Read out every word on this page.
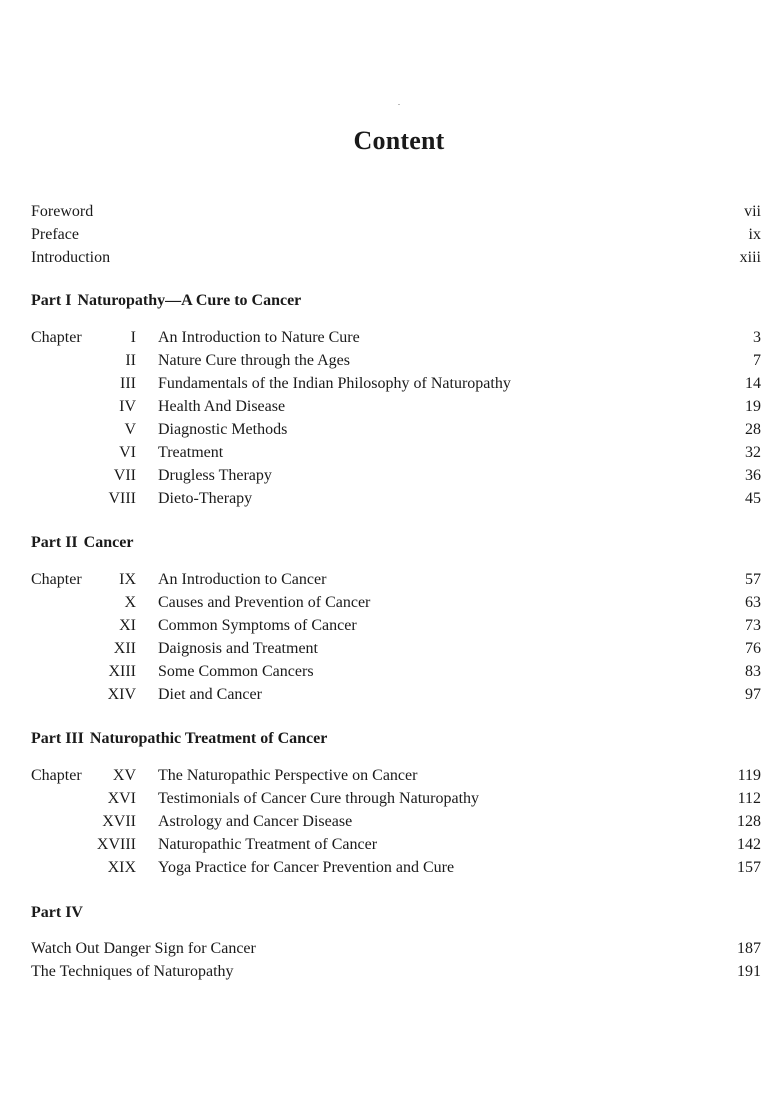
Content
Foreword	vii
Preface	ix
Introduction	xiii
Part I Naturopathy—A Cure to Cancer
Chapter	I An Introduction to Nature Cure	3
II Nature Cure through the Ages	7
III Fundamentals of the Indian Philosophy of Naturopathy	14
IV Health And Disease	19
V Diagnostic Methods	28
VI Treatment	32
VII Drugless Therapy	36
VIII Dieto-Therapy	45
Part II Cancer
Chapter IX An Introduction to Cancer	57
X Causes and Prevention of Cancer	63
XI Common Symptoms of Cancer	73
XII Daignosis and Treatment	76
XIII Some Common Cancers	83
XIV Diet and Cancer	97
Part III Naturopathic Treatment of Cancer
Chapter XV The Naturopathic Perspective on Cancer	119
XVI Testimonials of Cancer Cure through Naturopathy	112
XVII Astrology and Cancer Disease	128
XVIII Naturopathic Treatment of Cancer	142
XIX Yoga Practice for Cancer Prevention and Cure	157
Part IV
Watch Out Danger Sign for Cancer	187
The Techniques of Naturopathy	191
